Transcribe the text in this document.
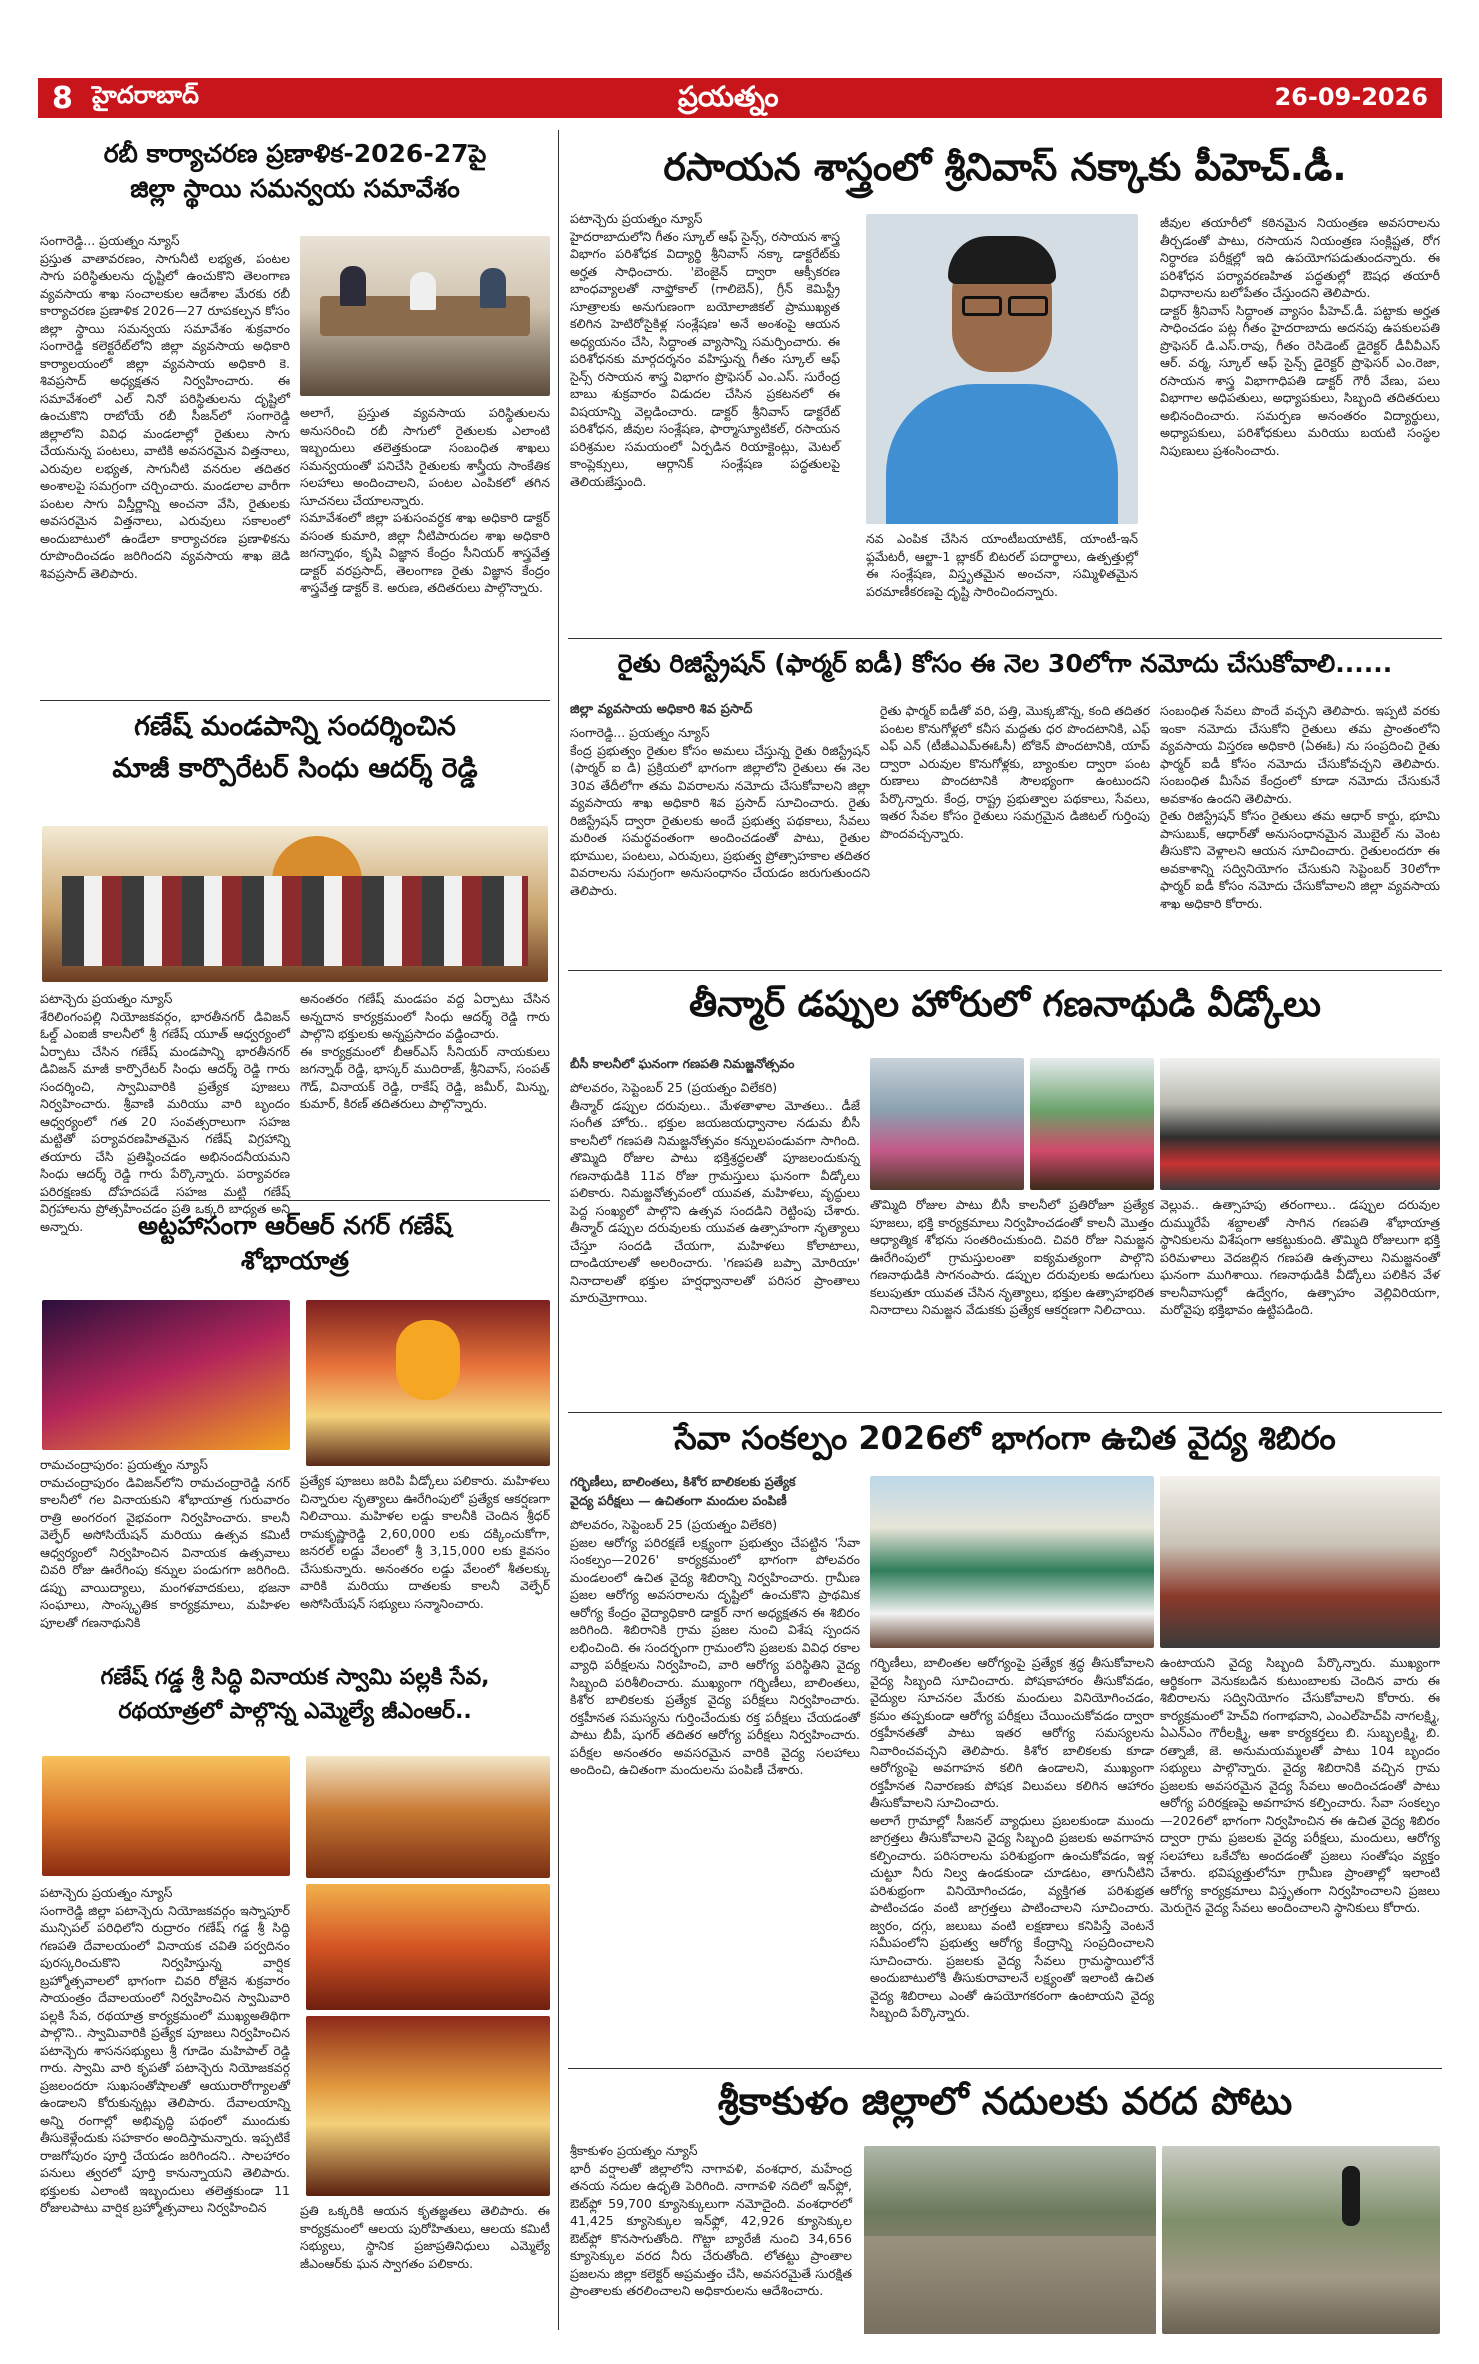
8 హైదరాబాద్	ప్రయత్నం	26-09-2026
రబీ కార్యాచరణ ప్రణాళిక-2026-27పై
జిల్లా స్థాయి సమన్వయ సమావేశం

సంగారెడ్డి... ప్రయత్నం న్యూస్
ప్రస్తుత వాతావరణం, సాగునీటి లభ్యత, పంటల సాగు పరిస్థితులను దృష్టిలో ఉంచుకొని తెలంగాణ వ్యవసాయ శాఖ సంచాలకుల ఆదేశాల మేరకు రబీ కార్యాచరణ ప్రణాళిక 2026—27 రూపకల్పన కోసం జిల్లా స్థాయి సమన్వయ సమావేశం శుక్రవారం సంగారెడ్డి కలెక్టరేట్‌లోని జిల్లా వ్యవసాయ అధికారి కార్యాలయంలో జిల్లా వ్యవసాయ అధికారి కె. శివప్రసాద్ అధ్యక్షతన నిర్వహించారు. ఈ సమావేశంలో ఎల్ నినో పరిస్థితులను దృష్టిలో ఉంచుకొని రాబోయే రబీ సీజన్‌లో సంగారెడ్డి జిల్లాలోని వివిధ మండలాల్లో రైతులు సాగు చేయనున్న పంటలు, వాటికి అవసరమైన విత్తనాలు, ఎరువుల లభ్యత, సాగునీటి వనరుల తదితర అంశాలపై సమగ్రంగా చర్చించారు. మండలాల వారీగా పంటల సాగు విస్తీర్ణాన్ని అంచనా వేసి, రైతులకు అవసరమైన విత్తనాలు, ఎరువులు సకాలంలో అందుబాటులో ఉండేలా కార్యాచరణ ప్రణాళికను రూపొందించడం జరిగిందని వ్యవసాయ శాఖ జెడి శివప్రసాద్ తెలిపారు.

అలాగే, ప్రస్తుత వ్యవసాయ పరిస్థితులను అనుసరించి రబీ సాగులో రైతులకు ఎలాంటి ఇబ్బందులు తలెత్తకుండా సంబంధిత శాఖలు సమన్వయంతో పనిచేసి రైతులకు శాస్త్రీయ సాంకేతిక సలహాలు అందించాలని, పంటల ఎంపికలో తగిన సూచనలు చేయాలన్నారు.
సమావేశంలో జిల్లా పశుసంవర్ధక శాఖ అధికారి డాక్టర్ వసంత కుమారి, జిల్లా నీటిపారుదల శాఖ అధికారి జగన్నాథం, కృషి విజ్ఞాన కేంద్రం సీనియర్ శాస్త్రవేత్త డాక్టర్ వరప్రసాద్, తెలంగాణ రైతు విజ్ఞాన కేంద్రం శాస్త్రవేత్త డాక్టర్ కె. అరుణ, తదితరులు పాల్గొన్నారు.

గణేష్ మండపాన్ని సందర్శించిన
మాజీ కార్పొరేటర్ సింధు ఆదర్శ్ రెడ్డి

పటాన్చెరు ప్రయత్నం న్యూస్
శేరిలింగంపల్లి నియోజకవర్గం, భారతీనగర్ డివిజన్ ఓల్డ్ ఎంఐజీ కాలనీలో శ్రీ గణేష్ యూత్ ఆధ్వర్యంలో ఏర్పాటు చేసిన గణేష్ మండపాన్ని భారతీనగర్ డివిజన్ మాజీ కార్పొరేటర్ సింధు ఆదర్శ్ రెడ్డి గారు సందర్శించి, స్వామివారికి ప్రత్యేక పూజలు నిర్వహించారు. శ్రీవాణి మరియు వారి బృందం ఆధ్వర్యంలో గత 20 సంవత్సరాలుగా సహజ మట్టితో పర్యావరణహితమైన గణేష్ విగ్రహాన్ని తయారు చేసి ప్రతిష్ఠించడం అభినందనీయమని సింధు ఆదర్శ్ రెడ్డి గారు పేర్కొన్నారు. పర్యావరణ పరిరక్షణకు దోహదపడే సహజ మట్టి గణేష్ విగ్రహాలను ప్రోత్సహించడం ప్రతి ఒక్కరి బాధ్యత అని అన్నారు.

అనంతరం గణేష్ మండపం వద్ద ఏర్పాటు చేసిన అన్నదాన కార్యక్రమంలో సింధు ఆదర్శ్ రెడ్డి గారు పాల్గొని భక్తులకు అన్నప్రసాదం వడ్డించారు.
ఈ కార్యక్రమంలో బీఆర్ఎస్ సీనియర్ నాయకులు జగన్నాథ్ రెడ్డి, భాస్కర్ ముదిరాజ్, శ్రీనివాస్, సంపత్ గౌడ్, వినాయక్ రెడ్డి, రాకేష్ రెడ్డి, జమీర్, మిన్ను, కుమార్, కిరణ్ తదితరులు పాల్గొన్నారు.

అట్టహాసంగా ఆర్ఆర్ నగర్ గణేష్
శోభాయాత్ర

రామచంద్రాపురం: ప్రయత్నం న్యూస్
రామచంద్రాపురం డివిజన్‌లోని రామచంద్రారెడ్డి నగర్ కాలనీలో గల వినాయకుని శోభాయాత్ర గురువారం రాత్రి అంగరంగ వైభవంగా నిర్వహించారు. కాలనీ వెల్ఫేర్ అసోసియేషన్ మరియు ఉత్సవ కమిటీ ఆధ్వర్యంలో నిర్వహించిన వినాయక ఉత్సవాలు చివరి రోజు ఊరేగింపు కన్నుల పండుగగా జరిగింది. డప్పు వాయిద్యాలు, మంగళవాదకులు, భజనా సంఘాలు, సాంస్కృతిక కార్యక్రమాలు, మహిళల పూలతో గణనాథునికి

ప్రత్యేక పూజలు జరిపి వీడ్కోలు పలికారు. మహిళలు చిన్నారుల నృత్యాలు ఊరేగింపులో ప్రత్యేక ఆకర్షణగా నిలిచాయి. మహిళల లడ్డు కాలనీకి చెందిన శ్రీధర్ రామకృష్ణారెడ్డి 2,60,000 లకు దక్కించుకోగా, జనరల్ లడ్డు వేలంలో శ్రీ 3,15,000 లకు కైవసం చేసుకున్నారు. అనంతరం లడ్డు వేలంలో శీతలక్కు వారికి మరియు దాతలకు కాలనీ వెల్ఫేర్ అసోసియేషన్ సభ్యులు సన్మానించారు.

గణేష్ గడ్డ శ్రీ సిద్ధి వినాయక స్వామి పల్లకి సేవ,
రథయాత్రలో పాల్గొన్న ఎమ్మెల్యే జీఎంఆర్..

పటాన్చెరు ప్రయత్నం న్యూస్
సంగారెడ్డి జిల్లా పటాన్చెరు నియోజకవర్గం ఇస్నాపూర్ మున్సిపల్ పరిధిలోని రుద్రారం గణేష్ గడ్డ శ్రీ సిద్ధి గణపతి దేవాలయంలో వినాయక చవితి పర్వదినం పురస్కరించుకొని నిర్వహిస్తున్న వార్షిక బ్రహ్మోత్సవాలలో భాగంగా చివరి రోజైన శుక్రవారం సాయంత్రం దేవాలయంలో నిర్వహించిన స్వామివారి పల్లకి సేవ, రథయాత్ర కార్యక్రమంలో ముఖ్యఅతిథిగా పాల్గొని.. స్వామివారికి ప్రత్యేక పూజలు నిర్వహించిన పటాన్చెరు శాసనసభ్యులు శ్రీ గూడెం మహిపాల్ రెడ్డి గారు. స్వామి వారి కృపతో పటాన్చెరు నియోజకవర్గ ప్రజలందరూ సుఖసంతోషాలతో ఆయురారోగ్యాలతో ఉండాలని కోరుకున్నట్లు తెలిపారు. దేవాలయాన్ని అన్ని రంగాల్లో అభివృద్ధి పథంలో ముందుకు తీసుకెళ్లేందుకు సహకారం అందిస్తామన్నారు. ఇప్పటికే రాజగోపురం పూర్తి చేయడం జరిగిందని.. సాలహారం పనులు త్వరలో పూర్తి కానున్నాయని తెలిపారు. భక్తులకు ఎలాంటి ఇబ్బందులు తలెత్తకుండా 11 రోజులపాటు వార్షిక బ్రహ్మోత్సవాలు నిర్వహించిన	ప్రతి ఒక్కరికి ఆయన కృతజ్ఞతలు తెలిపారు. ఈ కార్యక్రమంలో ఆలయ పురోహితులు, ఆలయ కమిటీ సభ్యులు, స్థానిక ప్రజాప్రతినిధులు ఎమ్మెల్యే జీఎంఆర్‌కు ఘన స్వాగతం పలికారు.

రసాయన శాస్త్రంలో శ్రీనివాస్ నక్కాకు పీహెచ్.డీ.

పటాన్చెరు ప్రయత్నం న్యూస్
హైదరాబాదులోని గీతం స్కూల్ ఆఫ్ సైన్స్, రసాయన శాస్త్ర విభాగం పరిశోధక విద్యార్థి శ్రీనివాస్ నక్కా డాక్టరేట్‌కు అర్హత సాధించారు. 'బెంజైన్ ద్వారా ఆక్సీకరణ బాంధవ్యాలతో నాఫ్తోకాల్ (గాలిబెన్), గ్రీన్ కెమిస్ట్రీ సూత్రాలకు అనుగుణంగా బయోలాజికల్ ప్రాముఖ్యత కలిగిన హెటిరోసైకిళ్ల సంశ్లేషణ' అనే అంశంపై ఆయన అధ్యయనం చేసి, సిద్ధాంత వ్యాసాన్ని సమర్పించారు. ఈ పరిశోధనకు మార్గదర్శనం వహిస్తున్న గీతం స్కూల్ ఆఫ్ సైన్స్ రసాయన శాస్త్ర విభాగం ప్రొఫెసర్ ఎం.ఎస్. సురేంద్ర బాబు శుక్రవారం విడుదల చేసిన ప్రకటనలో ఈ విషయాన్ని వెల్లడించారు. డాక్టర్ శ్రీనివాస్ డాక్టరేట్ పరిశోధన, జీవుల సంశ్లేషణ, ఫార్మాస్యూటికల్, రసాయన పరిశ్రమల సమయంలో ఏర్పడిన రియాక్టెంట్లు, మెటల్ కాంప్లెక్సులు, ఆర్గానిక్ సంశ్లేషణ పద్ధతులపై తెలియజేస్తుంది.

నవ ఎంపిక చేసిన యాంటీబయాటిక్, యాంటీ-ఇన్ ఫ్లమేటరీ, ఆల్జా-1 బ్లాకర్ బిటరల్ పదార్థాలు, ఉత్పత్తుల్లో ఈ సంశ్లేషణ, విస్తృతమైన అంచనా, సమ్మిళితమైన పరమాణీకరణపై దృష్టి సారించిందన్నారు.

జీవుల తయారీలో కఠినమైన నియంత్రణ అవసరాలను తీర్చడంతో పాటు, రసాయన నియంత్రణ సంక్లిష్టత, రోగ నిర్ధారణ పరీక్షల్లో ఇది ఉపయోగపడుతుందన్నారు. ఈ పరిశోధన పర్యావరణహిత పద్ధతుల్లో ఔషధ తయారీ విధానాలను బలోపేతం చేస్తుందని తెలిపారు.
డాక్టర్ శ్రీనివాస్ సిద్ధాంత వ్యాసం పీహెచ్.డీ. పట్టాకు అర్హత సాధించడం పట్ల గీతం హైదరాబాదు అదనపు ఉపకులపతి ప్రొఫెసర్ డి.ఎస్.రావు, గీతం రెసిడెంట్ డైరెక్టర్ డీవీవీఎస్ ఆర్. వర్మ, స్కూల్ ఆఫ్ సైన్స్ డైరెక్టర్ ప్రొఫెసర్ ఎం.రెజా, రసాయన శాస్త్ర విభాగాధిపతి డాక్టర్ గౌరీ వేణు, పలు విభాగాల అధిపతులు, అధ్యాపకులు, సిబ్బంది తదితరులు అభినందించారు. సమర్పణ అనంతరం విద్యార్థులు, అధ్యాపకులు, పరిశోధకులు మరియు బయటి సంస్థల నిపుణులు ప్రశంసించారు.

రైతు రిజిస్ట్రేషన్ (ఫార్మర్ ఐడీ) కోసం ఈ నెల 30లోగా నమోదు చేసుకోవాలి......
జిల్లా వ్యవసాయ అధికారి శివ ప్రసాద్

సంగారెడ్డి... ప్రయత్నం న్యూస్
కేంద్ర ప్రభుత్వం రైతుల కోసం అమలు చేస్తున్న రైతు రిజిస్ట్రేషన్ (ఫార్మర్ ఐ డి) ప్రక్రియలో భాగంగా జిల్లాలోని రైతులు ఈ నెల 30వ తేదీలోగా తమ వివరాలను నమోదు చేసుకోవాలని జిల్లా వ్యవసాయ శాఖ అధికారి శివ ప్రసాద్ సూచించారు. రైతు రిజిస్ట్రేషన్ ద్వారా రైతులకు అందే ప్రభుత్వ పథకాలు, సేవలు మరింత సమర్థవంతంగా అందించడంతో పాటు, రైతుల భూముల, పంటలు, ఎరువులు, ప్రభుత్వ ప్రోత్సాహకాల తదితర వివరాలను సమగ్రంగా అనుసంధానం చేయడం జరుగుతుందని తెలిపారు.

రైతు ఫార్మర్ ఐడీతో వరి, పత్తి, మొక్కజొన్న, కంది తదితర పంటల కొనుగోళ్లలో కనీస మద్దతు ధర పొందటానికి, ఎఫ్ ఎఫ్ ఎన్ (టీజీఎఎమ్‌ఈఓసీ) టోకెన్ పొందటానికి, యాప్ ద్వారా ఎరువుల కొనుగోళ్లకు, బ్యాంకుల ద్వారా పంట రుణాలు పొందటానికి సౌలభ్యంగా ఉంటుందని పేర్కొన్నారు. కేంద్ర, రాష్ట్ర ప్రభుత్వాల పథకాలు, సేవలు, ఇతర సేవల కోసం రైతులు సమగ్రమైన డిజిటల్ గుర్తింపు పొందవచ్చన్నారు.

సంబంధిత సేవలు పొందే వచ్చని తెలిపారు. ఇప్పటి వరకు ఇంకా నమోదు చేసుకోని రైతులు తమ ప్రాంతంలోని వ్యవసాయ విస్తరణ అధికారి (ఏఈఓ) ను సంప్రదించి రైతు ఫార్మర్ ఐడీ కోసం నమోదు చేసుకోవచ్చని తెలిపారు. సంబంధిత మీసేవ కేంద్రంలో కూడా నమోదు చేసుకునే అవకాశం ఉందని తెలిపారు.
రైతు రిజిస్ట్రేషన్ కోసం రైతులు తమ ఆధార్ కార్డు, భూమి పాసుబుక్, ఆధార్‌తో అనుసంధానమైన మొబైల్ ను వెంట తీసుకొని వెళ్లాలని ఆయన సూచించారు. రైతులందరూ ఈ అవకాశాన్ని సద్వినియోగం చేసుకుని సెప్టెంబర్ 30లోగా ఫార్మర్ ఐడీ కోసం నమోదు చేసుకోవాలని జిల్లా వ్యవసాయ శాఖ అధికారి కోరారు.

తీన్మార్ డప్పుల హోరులో గణనాథుడి వీడ్కోలు
బీసీ కాలనీలో ఘనంగా గణపతి నిమజ్జనోత్సవం

పోలవరం, సెప్టెంబర్ 25 (ప్రయత్నం విలేకరి)
తీన్మార్ డప్పుల దరువులు.. మేళతాళాల మోతలు.. డీజే సంగీత హోరు.. భక్తుల జయజయధ్వానాల నడుమ బీసీ కాలనీలో గణపతి నిమజ్జనోత్సవం కన్నులపండువగా సాగింది. తొమ్మిది రోజుల పాటు భక్తిశ్రద్ధలతో పూజలందుకున్న గణనాథుడికి 11వ రోజు గ్రామస్తులు ఘనంగా వీడ్కోలు పలికారు. నిమజ్జనోత్సవంలో యువత, మహిళలు, వృద్ధులు పెద్ద సంఖ్యలో పాల్గొని ఉత్సవ సందడిని రెట్టింపు చేశారు. తీన్మార్ డప్పుల దరువులకు యువత ఉత్సాహంగా నృత్యాలు చేస్తూ సందడి చేయగా, మహిళలు కోలాటాలు, దాండియాలతో అలరించారు. 'గణపతి బప్పా మోరియా' నినాదాలతో భక్తుల హర్షధ్వానాలతో పరిసర ప్రాంతాలు మారుమ్రోగాయి.

తొమ్మిది రోజుల పాటు బీసీ కాలనీలో ప్రతిరోజూ ప్రత్యేక పూజలు, భక్తి కార్యక్రమాలు నిర్వహించడంతో కాలనీ మొత్తం ఆధ్యాత్మిక శోభను సంతరించుకుంది. చివరి రోజు నిమజ్జన ఊరేగింపులో గ్రామస్తులంతా ఐక్యమత్యంగా పాల్గొని గణనాథుడికి సాగనంపారు. డప్పుల దరువులకు అడుగులు కలుపుతూ యువత చేసిన నృత్యాలు, భక్తుల ఉత్సాహభరిత నినాదాలు నిమజ్జన వేడుకకు ప్రత్యేక ఆకర్షణగా నిలిచాయి.

వెల్లువ.. ఉత్సాహపు తరంగాలు.. డప్పుల దరువుల దుమ్మురేపే శబ్దాలతో సాగిన గణపతి శోభాయాత్ర స్థానికులను విశేషంగా ఆకట్టుకుంది. తొమ్మిది రోజులుగా భక్తి పరిమళాలు వెదజల్లిన గణపతి ఉత్సవాలు నిమజ్జనంతో ఘనంగా ముగిశాయి. గణనాథుడికి వీడ్కోలు పలికిన వేళ కాలనీవాసుల్లో ఉద్వేగం, ఉత్సాహం వెల్లివిరియగా, మరోవైపు భక్తిభావం ఉట్టిపడింది.

సేవా సంకల్పం 2026లో భాగంగా ఉచిత వైద్య శిబిరం
గర్భిణీలు, బాలింతలు, కిశోర బాలికలకు ప్రత్యేక
వైద్య పరీక్షలు — ఉచితంగా మందుల పంపిణీ

పోలవరం, సెప్టెంబర్ 25 (ప్రయత్నం విలేకరి)
ప్రజల ఆరోగ్య పరిరక్షణే లక్ష్యంగా ప్రభుత్వం చేపట్టిన 'సేవా సంకల్పం—2026' కార్యక్రమంలో భాగంగా పోలవరం మండలంలో ఉచిత వైద్య శిబిరాన్ని నిర్వహించారు. గ్రామీణ ప్రజల ఆరోగ్య అవసరాలను దృష్టిలో ఉంచుకొని ప్రాథమిక ఆరోగ్య కేంద్రం వైద్యాధికారి డాక్టర్ నాగ అధ్యక్షతన ఈ శిబిరం జరిగింది. శిబిరానికి గ్రామ ప్రజల నుంచి విశేష స్పందన లభించింది. ఈ సందర్భంగా గ్రామంలోని ప్రజలకు వివిధ రకాల వ్యాధి పరీక్షలను నిర్వహించి, వారి ఆరోగ్య పరిస్థితిని వైద్య సిబ్బంది పరిశీలించారు. ముఖ్యంగా గర్భిణీలు, బాలింతలు, కిశోర బాలికలకు ప్రత్యేక వైద్య పరీక్షలు నిర్వహించారు. రక్తహీనత సమస్యను గుర్తించేందుకు రక్త పరీక్షలు చేయడంతో పాటు బీపీ, షుగర్ తదితర ఆరోగ్య పరీక్షలు నిర్వహించారు. పరీక్షల అనంతరం అవసరమైన వారికి వైద్య సలహాలు అందించి, ఉచితంగా మందులను పంపిణీ చేశారు.

గర్భిణీలు, బాలింతల ఆరోగ్యంపై ప్రత్యేక శ్రద్ధ తీసుకోవాలని వైద్య సిబ్బంది సూచించారు. పోషకాహారం తీసుకోవడం, వైద్యుల సూచనల మేరకు మందులు వినియోగించడం, క్రమం తప్పకుండా ఆరోగ్య పరీక్షలు చేయించుకోవడం ద్వారా రక్తహీనతతో పాటు ఇతర ఆరోగ్య సమస్యలను నివారించవచ్చని తెలిపారు. కిశోర బాలికలకు కూడా ఆరోగ్యంపై అవగాహన కలిగి ఉండాలని, ముఖ్యంగా రక్తహీనత నివారణకు పోషక విలువలు కలిగిన ఆహారం తీసుకోవాలని సూచించారు.
అలాగే గ్రామాల్లో సీజనల్ వ్యాధులు ప్రబలకుండా ముందు జాగ్రత్తలు తీసుకోవాలని వైద్య సిబ్బంది ప్రజలకు అవగాహన కల్పించారు. పరిసరాలను పరిశుభ్రంగా ఉంచుకోవడం, ఇళ్ల చుట్టూ నీరు నిల్వ ఉండకుండా చూడటం, తాగునీటిని పరిశుభ్రంగా వినియోగించడం, వ్యక్తిగత పరిశుభ్రత పాటించడం వంటి జాగ్రత్తలు పాటించాలని సూచించారు. జ్వరం, దగ్గు, జలుబు వంటి లక్షణాలు కనిపిస్తే వెంటనే సమీపంలోని ప్రభుత్వ ఆరోగ్య కేంద్రాన్ని సంప్రదించాలని సూచించారు. ప్రజలకు వైద్య సేవలు గ్రామస్థాయిలోనే అందుబాటులోకి తీసుకురావాలనే లక్ష్యంతో ఇలాంటి ఉచిత వైద్య శిబిరాలు ఎంతో ఉపయోగకరంగా ఉంటాయని వైద్య సిబ్బంది పేర్కొన్నారు.

ఉంటాయని వైద్య సిబ్బంది పేర్కొన్నారు. ముఖ్యంగా ఆర్థికంగా వెనుకబడిన కుటుంబాలకు చెందిన వారు ఈ శిబిరాలను సద్వినియోగం చేసుకోవాలని కోరారు. ఈ కార్యక్రమంలో హెచ్‌వి గంగాభవాని, ఎంఎల్‌హెచ్‌పి నాగలక్ష్మి, ఏఎన్ఎం గౌరీలక్ష్మి, ఆశా కార్యకర్తలు బి. సుబ్బలక్ష్మి, బి. రత్నాజీ, జె. అనుమయమ్మలతో పాటు 104 బృందం సభ్యులు పాల్గొన్నారు. వైద్య శిబిరానికి వచ్చిన గ్రామ ప్రజలకు అవసరమైన వైద్య సేవలు అందించడంతో పాటు ఆరోగ్య పరిరక్షణపై అవగాహన కల్పించారు. సేవా సంకల్పం—2026లో భాగంగా నిర్వహించిన ఈ ఉచిత వైద్య శిబిరం ద్వారా గ్రామ ప్రజలకు వైద్య పరీక్షలు, మందులు, ఆరోగ్య సలహాలు ఒకేచోట అందడంతో ప్రజలు సంతోషం వ్యక్తం చేశారు. భవిష్యత్తులోనూ గ్రామీణ ప్రాంతాల్లో ఇలాంటి ఆరోగ్య కార్యక్రమాలు విస్తృతంగా నిర్వహించాలని ప్రజలు మెరుగైన వైద్య సేవలు అందించాలని స్థానికులు కోరారు.

శ్రీకాకుళం జిల్లాలో నదులకు వరద పోటు

శ్రీకాకుళం ప్రయత్నం న్యూస్
భారీ వర్షాలతో జిల్లాలోని నాగావళి, వంశధార, మహేంద్ర తనయ నదుల ఉధృతి పెరిగింది. నాగావళి నదిలో ఇన్‌ఫ్లో, ఔట్‌ఫ్లో 59,700 క్యూసెక్కులుగా నమోదైంది. వంశధారలో 41,425 క్యూసెక్కుల ఇన్‌ఫ్లో, 42,926 క్యూసెక్కుల ఔట్‌ఫ్లో కొనసాగుతోంది. గొట్టా బ్యారేజీ నుంచి 34,656 క్యూసెక్కుల వరద నీరు చేరుతోంది. లోతట్టు ప్రాంతాల ప్రజలను జిల్లా కలెక్టర్ అప్రమత్తం చేసి, అవసరమైతే సురక్షిత ప్రాంతాలకు తరలించాలని అధికారులను ఆదేశించారు.
